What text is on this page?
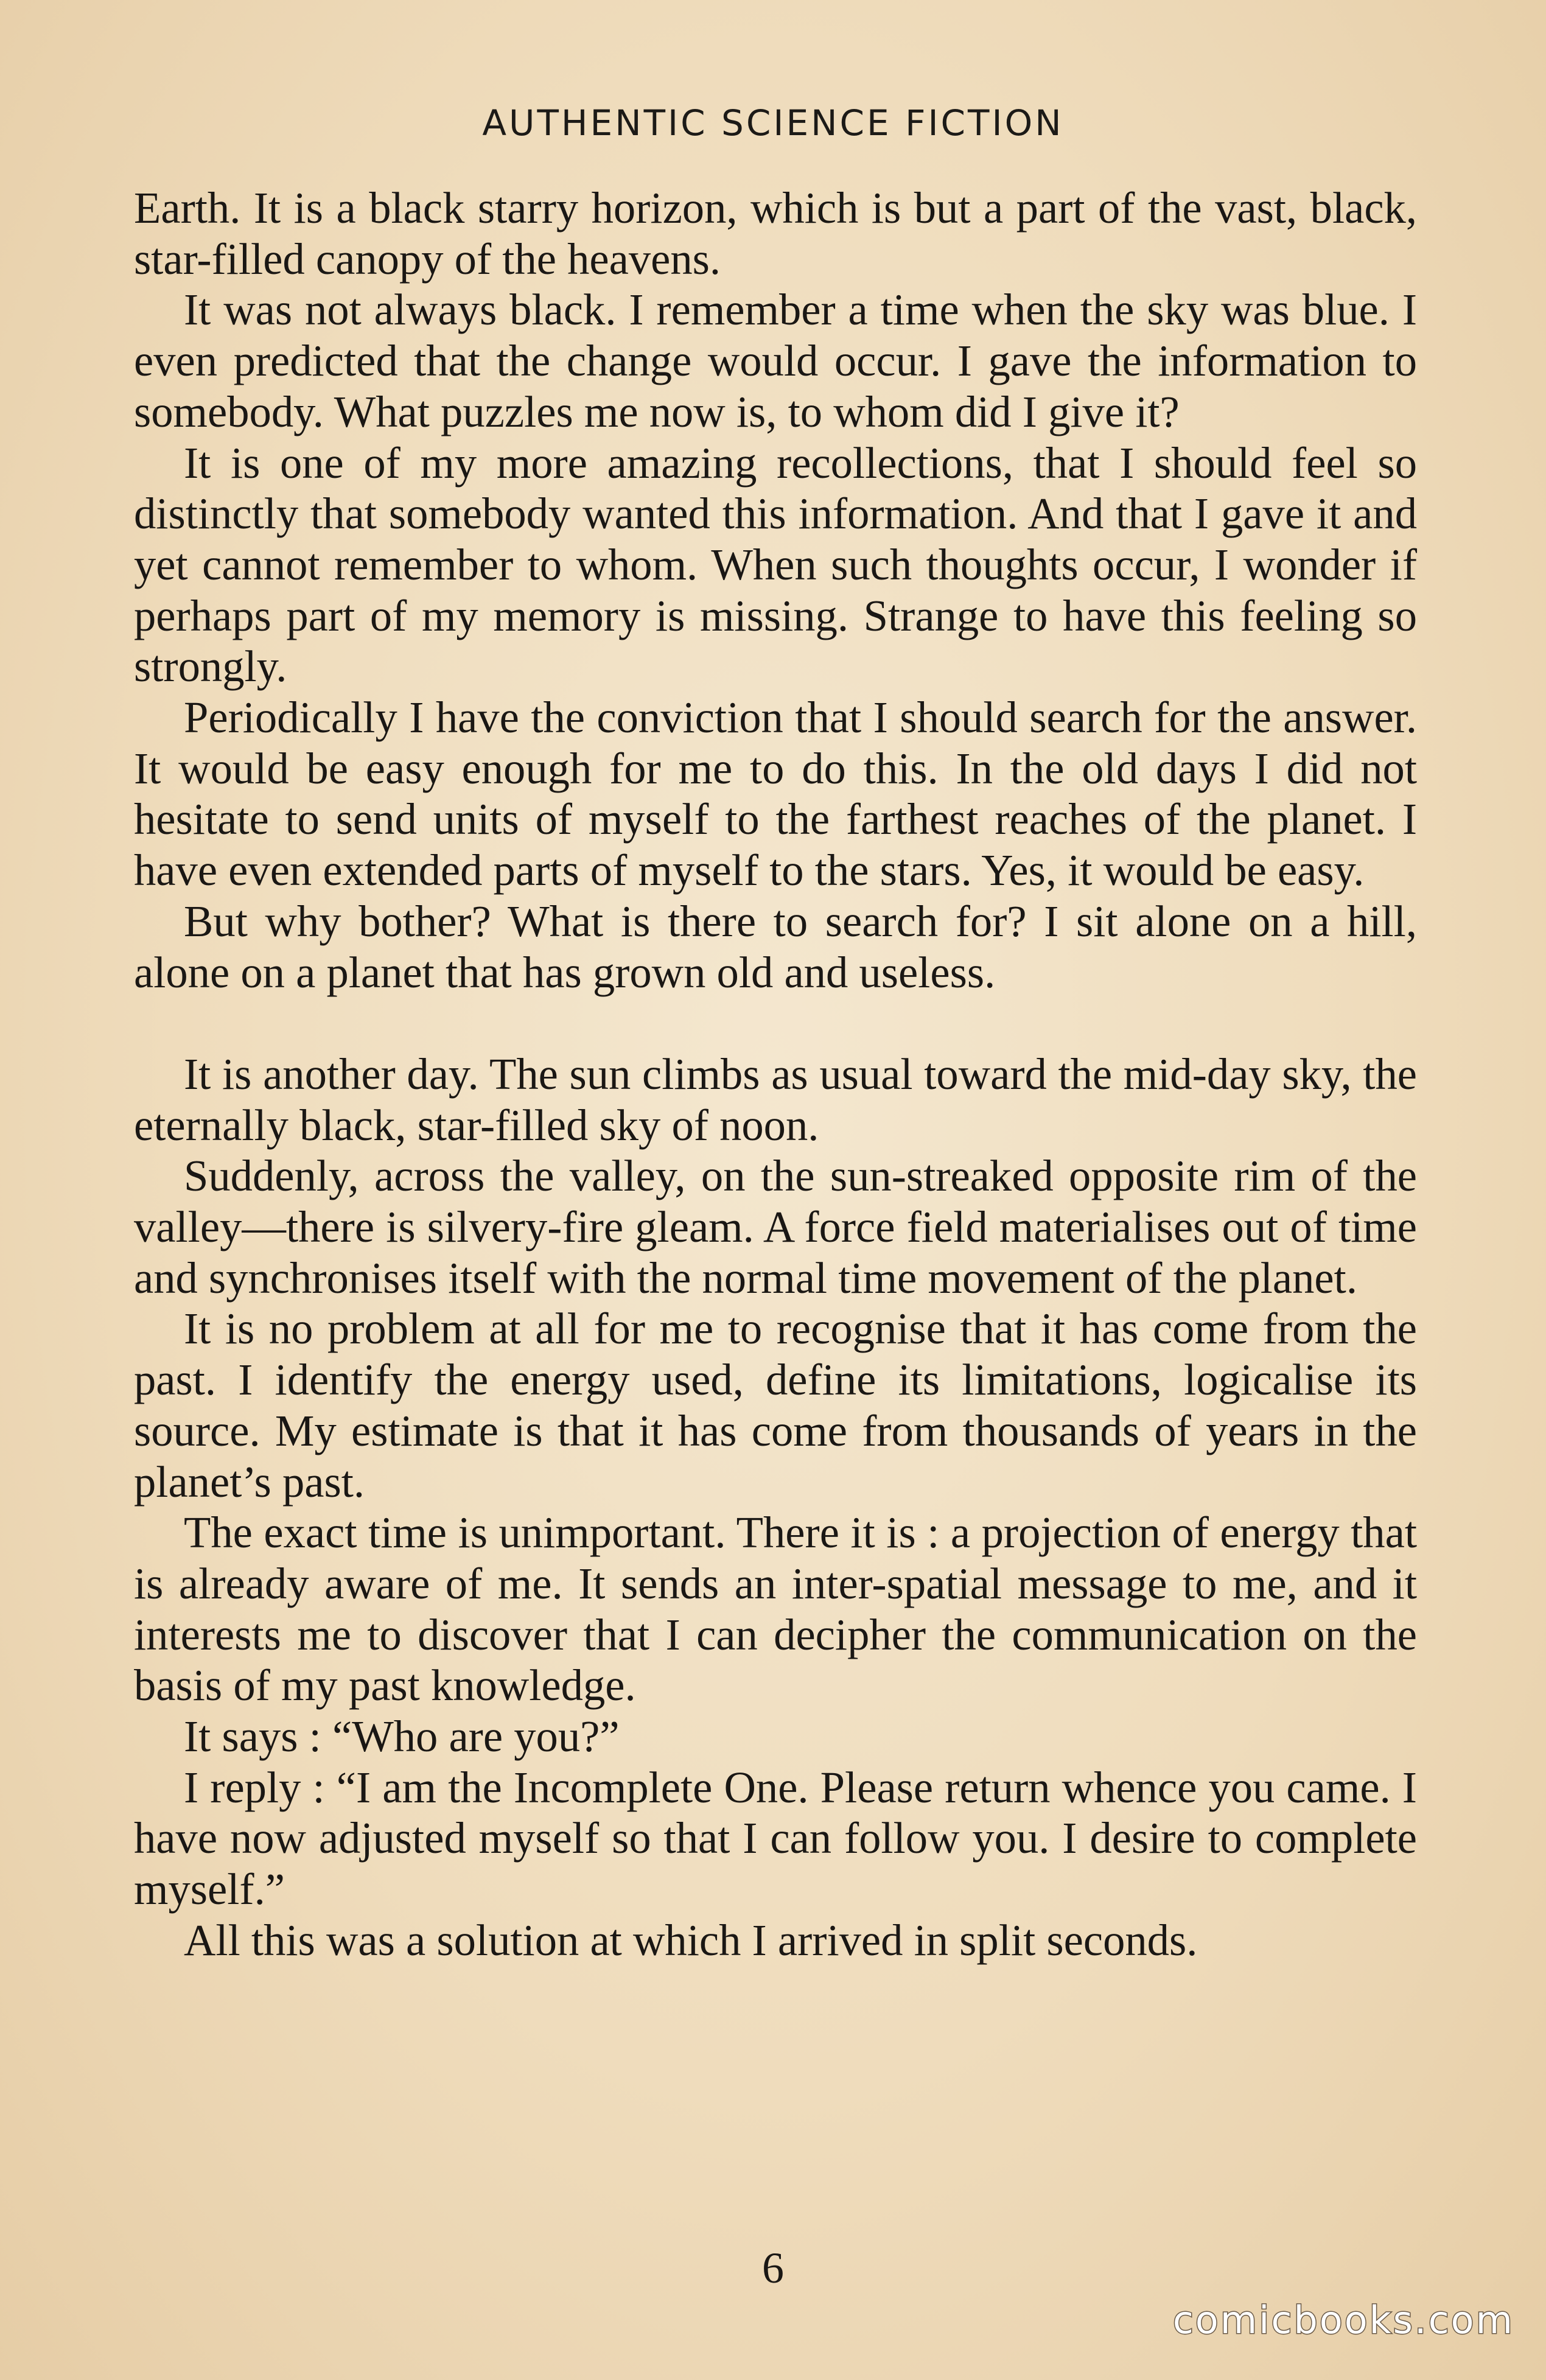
AUTHENTIC SCIENCE FICTION

Earth. It is a black starry horizon, which is but a part of the vast, black, star-filled canopy of the heavens.

It was not always black. I remember a time when the sky was blue. I even predicted that the change would occur. I gave the information to somebody. What puzzles me now is, to whom did I give it?

It is one of my more amazing recollections, that I should feel so distinctly that somebody wanted this information. And that I gave it and yet cannot remember to whom. When such thoughts occur, I wonder if perhaps part of my memory is missing. Strange to have this feeling so strongly.

Periodically I have the conviction that I should search for the answer. It would be easy enough for me to do this. In the old days I did not hesitate to send units of myself to the farthest reaches of the planet. I have even extended parts of myself to the stars. Yes, it would be easy.

But why bother? What is there to search for? I sit alone on a hill, alone on a planet that has grown old and useless.

It is another day. The sun climbs as usual toward the mid-day sky, the eternally black, star-filled sky of noon.

Suddenly, across the valley, on the sun-streaked opposite rim of the valley—there is silvery-fire gleam. A force field materialises out of time and synchronises itself with the normal time movement of the planet.

It is no problem at all for me to recognise that it has come from the past. I identify the energy used, define its limitations, logicalise its source. My estimate is that it has come from thousands of years in the planet’s past.

The exact time is unimportant. There it is : a projection of energy that is already aware of me. It sends an inter-spatial message to me, and it interests me to discover that I can decipher the communication on the basis of my past knowledge.

It says : “Who are you?”

I reply : “I am the Incomplete One. Please return whence you came. I have now adjusted myself so that I can follow you. I desire to complete myself.”

All this was a solution at which I arrived in split seconds.

6
comicbooks.com
